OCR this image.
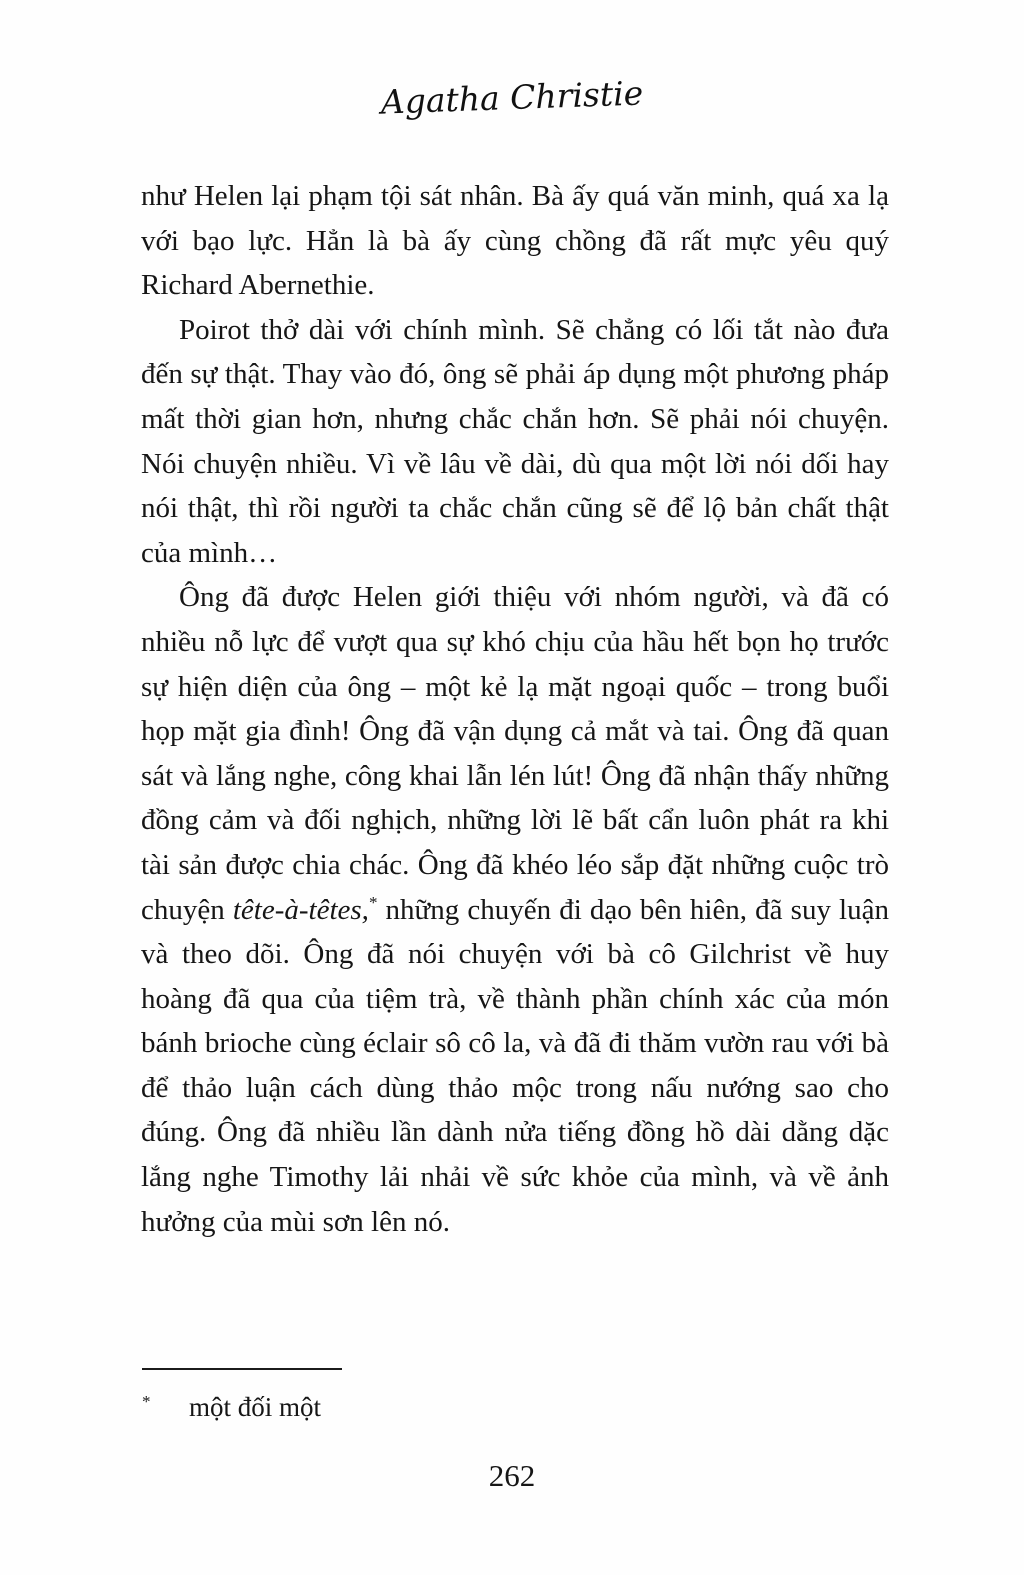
Agatha Christie

như Helen lại phạm tội sát nhân. Bà ấy quá văn minh, quá xa lạ với bạo lực. Hẳn là bà ấy cùng chồng đã rất mực yêu quý Richard Abernethie.

Poirot thở dài với chính mình. Sẽ chẳng có lối tắt nào đưa đến sự thật. Thay vào đó, ông sẽ phải áp dụng một phương pháp mất thời gian hơn, nhưng chắc chắn hơn. Sẽ phải nói chuyện. Nói chuyện nhiều. Vì về lâu về dài, dù qua một lời nói dối hay nói thật, thì rồi người ta chắc chắn cũng sẽ để lộ bản chất thật của mình…

Ông đã được Helen giới thiệu với nhóm người, và đã có nhiều nỗ lực để vượt qua sự khó chịu của hầu hết bọn họ trước sự hiện diện của ông – một kẻ lạ mặt ngoại quốc – trong buổi họp mặt gia đình! Ông đã vận dụng cả mắt và tai. Ông đã quan sát và lắng nghe, công khai lẫn lén lút! Ông đã nhận thấy những đồng cảm và đối nghịch, những lời lẽ bất cẩn luôn phát ra khi tài sản được chia chác. Ông đã khéo léo sắp đặt những cuộc trò chuyện tête-à-têtes,* những chuyến đi dạo bên hiên, đã suy luận và theo dõi. Ông đã nói chuyện với bà cô Gilchrist về huy hoàng đã qua của tiệm trà, về thành phần chính xác của món bánh brioche cùng éclair sô cô la, và đã đi thăm vườn rau với bà để thảo luận cách dùng thảo mộc trong nấu nướng sao cho đúng. Ông đã nhiều lần dành nửa tiếng đồng hồ dài dằng dặc lắng nghe Timothy lải nhải về sức khỏe của mình, và về ảnh hưởng của mùi sơn lên nó.

* một đối một
262
